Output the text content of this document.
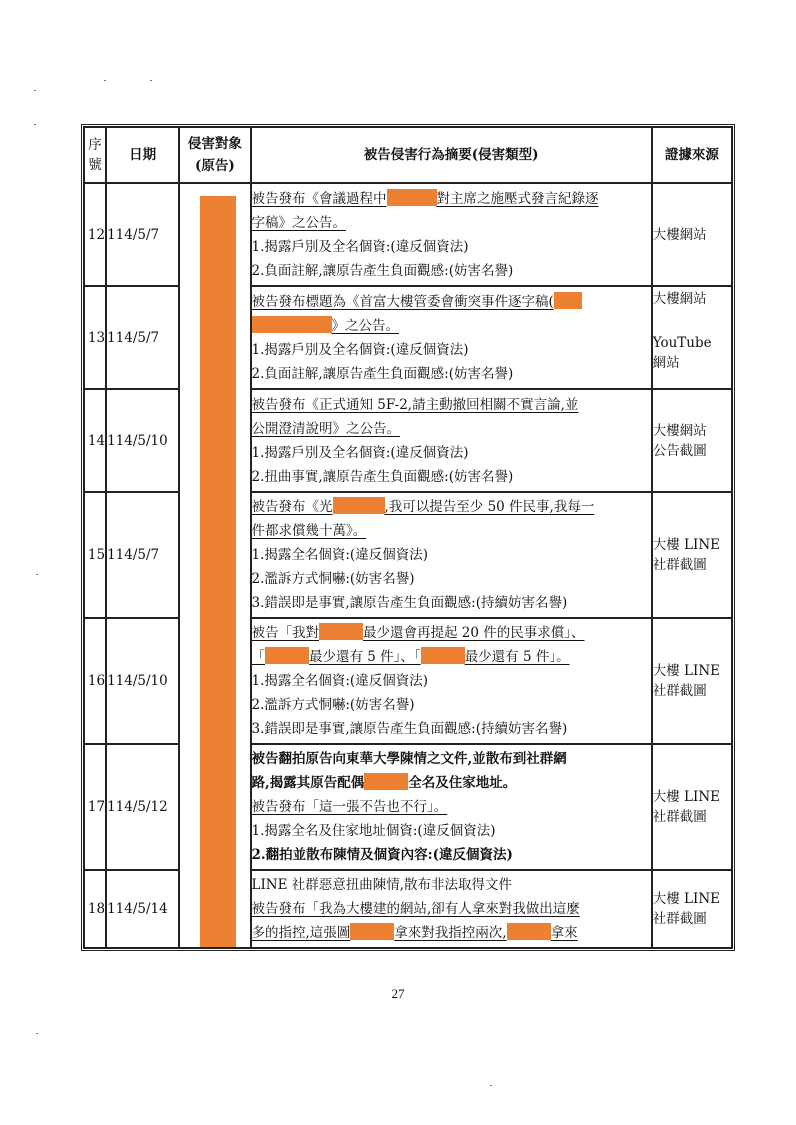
序
號	日期	侵害對象
(原告)	被告侵害行為摘要(侵害類型)	證據來源
12	114/5/7		被告發布《會議過程中 對主席之施壓式發言紀錄逐
字稿》之公告。
1.揭露戶別及全名個資:(違反個資法)
2.負面註解,讓原告產生負面觀感:(妨害名譽)	大樓網站
13	114/5/7		被告發布標題為《首富大樓管委會衝突事件逐字稿(
》之公告。
1.揭露戶別及全名個資:(違反個資法)
2.負面註解,讓原告產生負面觀感:(妨害名譽)	大樓網站

YouTube
網站
14	114/5/10		被告發布《正式通知 5F-2,請主動撤回相關不實言論,並
公開澄清說明》之公告。
1.揭露戶別及全名個資:(違反個資法)
2.扭曲事實,讓原告產生負面觀感:(妨害名譽)	大樓網站
公告截圖
15	114/5/7		被告發布《光 ,我可以提告至少 50 件民事,我每一
件都求償幾十萬》。
1.揭露全名個資:(違反個資法)
2.濫訴方式恫嚇:(妨害名譽)
3.錯誤即是事實,讓原告產生負面觀感:(持續妨害名譽)	大樓 LINE
社群截圖
16	114/5/10		被告「我對 最少還會再提起 20 件的民事求償」、
「 最少還有 5 件」、「 最少還有 5 件」。
1.揭露全名個資:(違反個資法)
2.濫訴方式恫嚇:(妨害名譽)
3.錯誤即是事實,讓原告產生負面觀感:(持續妨害名譽)	大樓 LINE
社群截圖
17	114/5/12		被告翻拍原告向東華大學陳情之文件,並散布到社群網
路,揭露其原告配偶 全名及住家地址。
被告發布「這一張不告也不行」。
1.揭露全名及住家地址個資:(違反個資法)
2.翻拍並散布陳情及個資內容:(違反個資法)	大樓 LINE
社群截圖
18	114/5/14		LINE 社群惡意扭曲陳情,散布非法取得文件
被告發布「我為大樓建的網站,卻有人拿來對我做出這麼
多的指控,這張圖 拿來對我指控兩次, 拿來	大樓 LINE
社群截圖
27
